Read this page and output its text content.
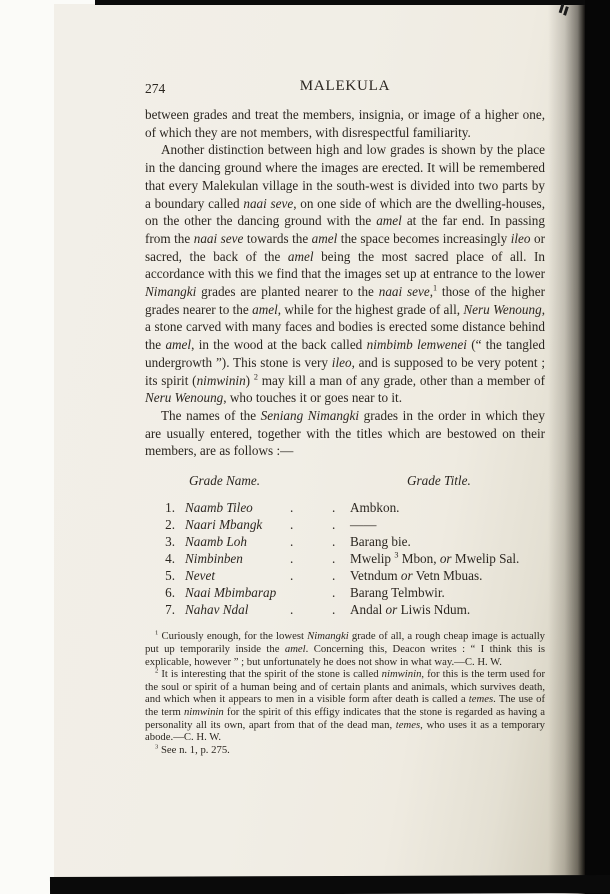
274	MALEKULA

between grades and treat the members, insignia, or image of a higher one, of which they are not members, with disrespectful familiarity.

Another distinction between high and low grades is shown by the place in the dancing ground where the images are erected. It will be remembered that every Malekulan village in the south-west is divided into two parts by a boundary called naai seve, on one side of which are the dwelling-houses, on the other the dancing ground with the amel at the far end. In passing from the naai seve towards the amel the space becomes increasingly ileo or sacred, the back of the amel being the most sacred place of all. In accordance with this we find that the images set up at entrance to the lower Nimangki grades are planted nearer to the naai seve,$^1$ those of the higher grades nearer to the amel, while for the highest grade of all, Neru Wenoung, a stone carved with many faces and bodies is erected some distance behind the amel, in the wood at the back called nimbimb lemwenei (“ the tangled undergrowth ”). This stone is very ileo, and is supposed to be very potent ; its spirit (nimwinin) $^2$ may kill a man of any grade, other than a member of Neru Wenoung, who touches it or goes near to it.

The names of the Seniang Nimangki grades in the order in which they are usually entered, together with the titles which are bestowed on their members, are as follows :—

Grade Name.	Grade Title.
1. Naamb Tileo	.	.	Ambkon.
2. Naari Mbangk	.	.	——
3. Naamb Loh	.	.	Barang bie.
4. Nimbinben	.	.	Mwelip $^3$ Mbon, or Mwelip Sal.
5. Nevet	.	.	Vetndum or Vetn Mbuas.
6. Naai Mbimbarap	.	Barang Telmbwir.
7. Nahav Ndal	.	.	Andal or Liwis Ndum.

$^1$ Curiously enough, for the lowest Nimangki grade of all, a rough cheap image is actually put up temporarily inside the amel. Concerning this, Deacon writes : “ I think this is explicable, however ” ; but unfortunately he does not show in what way.—C. H. W.

$^2$ It is interesting that the spirit of the stone is called nimwinin, for this is the term used for the soul or spirit of a human being and of certain plants and animals, which survives death, and which when it appears to men in a visible form after death is called a temes. The use of the term nimwinin for the spirit of this effigy indicates that the stone is regarded as having a personality all its own, apart from that of the dead man, temes, who uses it as a temporary abode.—C. H. W.

$^3$ See n. 1, p. 275.
